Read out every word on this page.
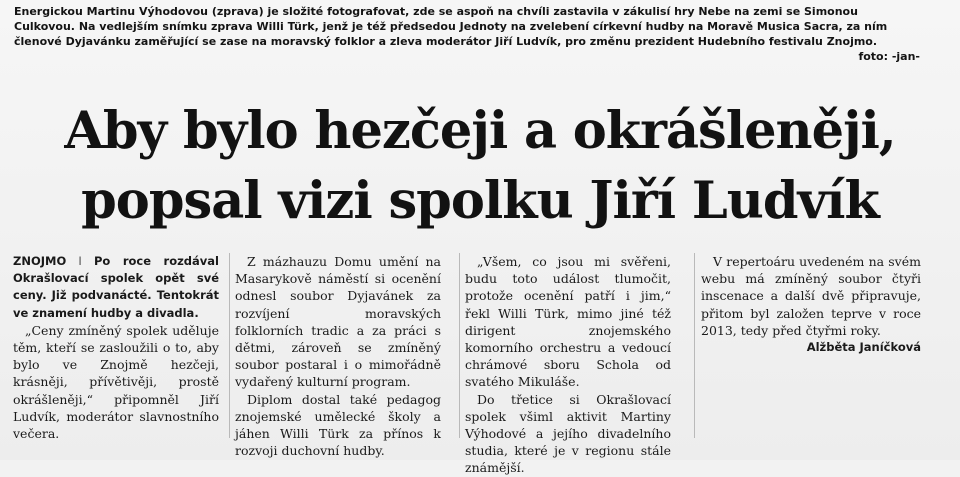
Energickou Martinu Výhodovou (zprava) je složité fotografovat, zde se aspoň na chvíli zastavila v zákulisí hry Nebe na zemi se Simonou Culkovou. Na vedlejším snímku zprava Willi Türk, jenž je též předsedou Jednoty na zvelebení církevní hudby na Moravě Musica Sacra, za ním členové Dyjavánku zaměřující se zase na moravský folklor a zleva moderátor Jiří Ludvík, pro změnu prezident Hudebního festivalu Znojmo.
foto: -jan-
Aby bylo hezčeji a okrášleněji,
popsal vizi spolku Jiří Ludvík

ZNOJMO I Po roce rozdával Okrašlovací spolek opět své ceny. Již podvanácté. Tentokrát ve znamení hudby a divadla.

„Ceny zmíněný spolek uděluje těm, kteří se zasloužili o to, aby bylo ve Znojmě hezčeji, krásněji, přívětivěji, prostě okrášleněji,“ připomněl Jiří Ludvík, moderátor slavnostního večera.

Z mázhauzu Domu umění na Masarykově náměstí si ocenění odnesl soubor Dyjavánek za rozvíjení moravských folklorních tradic a za práci s dětmi, zároveň se zmíněný soubor postaral i o mimořádně vydařený kulturní program.

Diplom dostal také pedagog znojemské umělecké školy a jáhen Willi Türk za přínos k rozvoji duchovní hudby.

„Všem, co jsou mi svěřeni, budu toto událost tlumočit, protože ocenění patří i jim,“ řekl Willi Türk, mimo jiné též dirigent znojemského komorního orchestru a vedoucí chrámové sboru Schola od svatého Mikuláše.

Do třetice si Okrašlovací spolek všiml aktivit Martiny Výhodové a jejího divadelního studia, které je v regionu stále známější.

V repertoáru uvedeném na svém webu má zmíněný soubor čtyři inscenace a další dvě připravuje, přitom byl založen teprve v roce 2013, tedy před čtyřmi roky.

Alžběta Janíčková
